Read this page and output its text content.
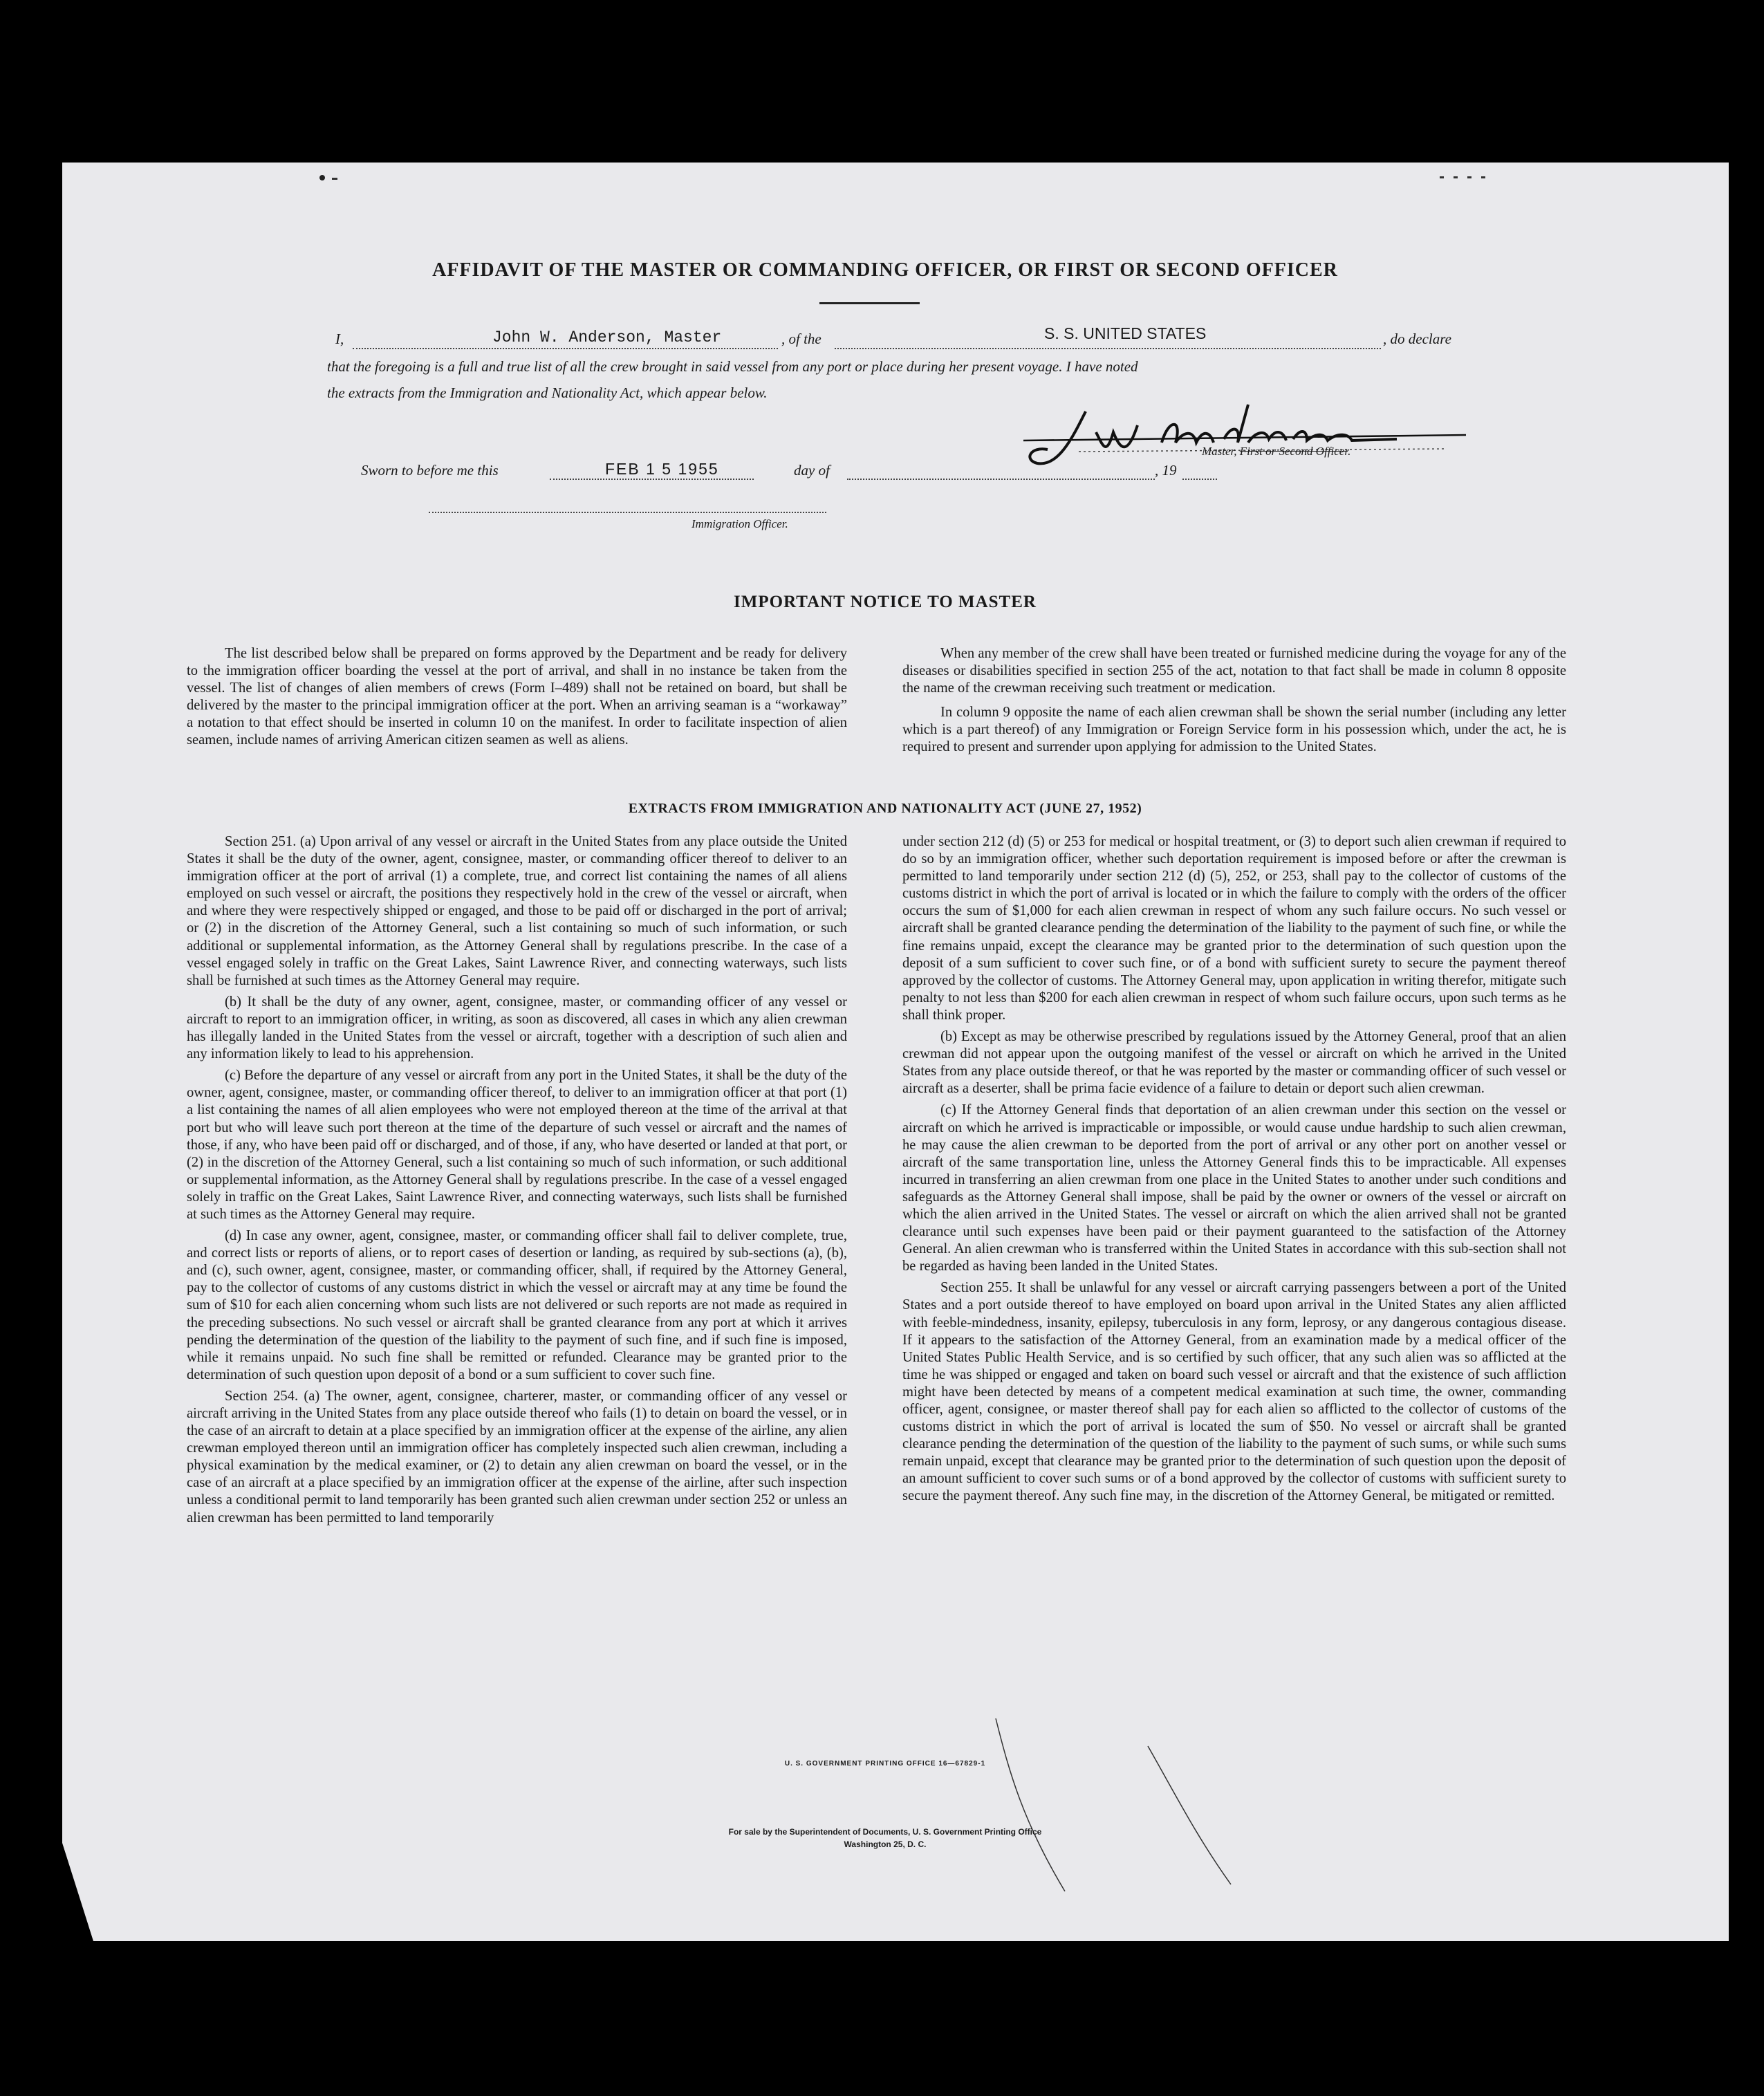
AFFIDAVIT OF THE MASTER OR COMMANDING OFFICER, OR FIRST OR SECOND OFFICER
I,	John W. Anderson, Master	, of the	S. S. UNITED STATES	, do declare
that the foregoing is a full and true list of all the crew brought in said vessel from any port or place during her present voyage. I have noted
the extracts from the Immigration and Nationality Act, which appear below.
Master, First or Second Officer.
Sworn to before me this	FEB 1 5 1955	day of	, 19
Immigration Officer.
IMPORTANT NOTICE TO MASTER

The list described below shall be prepared on forms approved by the Department and be ready for delivery to the immigration officer boarding the vessel at the port of arrival, and shall in no instance be taken from the vessel. The list of changes of alien members of crews (Form I–489) shall not be retained on board, but shall be delivered by the master to the principal immigration officer at the port. When an arriving seaman is a “workaway” a notation to that effect should be inserted in column 10 on the manifest. In order to facilitate inspection of alien seamen, include names of arriving American citizen seamen as well as aliens.

When any member of the crew shall have been treated or furnished medicine during the voyage for any of the diseases or disabilities specified in section 255 of the act, notation to that fact shall be made in column 8 opposite the name of the crewman receiving such treatment or medication.

In column 9 opposite the name of each alien crewman shall be shown the serial number (including any letter which is a part thereof) of any Immigration or Foreign Service form in his possession which, under the act, he is required to present and surrender upon applying for admission to the United States.

EXTRACTS FROM IMMIGRATION AND NATIONALITY ACT (JUNE 27, 1952)

Section 251. (a) Upon arrival of any vessel or aircraft in the United States from any place outside the United States it shall be the duty of the owner, agent, consignee, master, or commanding officer thereof to deliver to an immigration officer at the port of arrival (1) a complete, true, and correct list containing the names of all aliens employed on such vessel or aircraft, the positions they respectively hold in the crew of the vessel or aircraft, when and where they were respectively shipped or engaged, and those to be paid off or discharged in the port of arrival; or (2) in the discretion of the Attorney General, such a list containing so much of such information, or such additional or supplemental information, as the Attorney General shall by regulations prescribe. In the case of a vessel engaged solely in traffic on the Great Lakes, Saint Lawrence River, and connecting waterways, such lists shall be furnished at such times as the Attorney General may require.

(b) It shall be the duty of any owner, agent, consignee, master, or commanding officer of any vessel or aircraft to report to an immigration officer, in writing, as soon as discovered, all cases in which any alien crewman has illegally landed in the United States from the vessel or aircraft, together with a description of such alien and any information likely to lead to his apprehension.

(c) Before the departure of any vessel or aircraft from any port in the United States, it shall be the duty of the owner, agent, consignee, master, or commanding officer thereof, to deliver to an immigration officer at that port (1) a list containing the names of all alien employees who were not employed thereon at the time of the arrival at that port but who will leave such port thereon at the time of the departure of such vessel or aircraft and the names of those, if any, who have been paid off or discharged, and of those, if any, who have deserted or landed at that port, or (2) in the discretion of the Attorney General, such a list containing so much of such information, or such additional or supplemental information, as the Attorney General shall by regulations prescribe. In the case of a vessel engaged solely in traffic on the Great Lakes, Saint Lawrence River, and connecting waterways, such lists shall be furnished at such times as the Attorney General may require.

(d) In case any owner, agent, consignee, master, or commanding officer shall fail to deliver complete, true, and correct lists or reports of aliens, or to report cases of desertion or landing, as required by sub-sections (a), (b), and (c), such owner, agent, consignee, master, or commanding officer, shall, if required by the Attorney General, pay to the collector of customs of any customs district in which the vessel or aircraft may at any time be found the sum of $10 for each alien concerning whom such lists are not delivered or such reports are not made as required in the preceding subsections. No such vessel or aircraft shall be granted clearance from any port at which it arrives pending the determination of the question of the liability to the payment of such fine, and if such fine is imposed, while it remains unpaid. No such fine shall be remitted or refunded. Clearance may be granted prior to the determination of such question upon deposit of a bond or a sum sufficient to cover such fine.

Section 254. (a) The owner, agent, consignee, charterer, master, or commanding officer of any vessel or aircraft arriving in the United States from any place outside thereof who fails (1) to detain on board the vessel, or in the case of an aircraft to detain at a place specified by an immigration officer at the expense of the airline, any alien crewman employed thereon until an immigration officer has completely inspected such alien crewman, including a physical examination by the medical examiner, or (2) to detain any alien crewman on board the vessel, or in the case of an aircraft at a place specified by an immigration officer at the expense of the airline, after such inspection unless a conditional permit to land temporarily has been granted such alien crewman under section 252 or unless an alien crewman has been permitted to land temporarily

under section 212 (d) (5) or 253 for medical or hospital treatment, or (3) to deport such alien crewman if required to do so by an immigration officer, whether such deportation requirement is imposed before or after the crewman is permitted to land temporarily under section 212 (d) (5), 252, or 253, shall pay to the collector of customs of the customs district in which the port of arrival is located or in which the failure to comply with the orders of the officer occurs the sum of $1,000 for each alien crewman in respect of whom any such failure occurs. No such vessel or aircraft shall be granted clearance pending the determination of the liability to the payment of such fine, or while the fine remains unpaid, except the clearance may be granted prior to the determination of such question upon the deposit of a sum sufficient to cover such fine, or of a bond with sufficient surety to secure the payment thereof approved by the collector of customs. The Attorney General may, upon application in writing therefor, mitigate such penalty to not less than $200 for each alien crewman in respect of whom such failure occurs, upon such terms as he shall think proper.

(b) Except as may be otherwise prescribed by regulations issued by the Attorney General, proof that an alien crewman did not appear upon the outgoing manifest of the vessel or aircraft on which he arrived in the United States from any place outside thereof, or that he was reported by the master or commanding officer of such vessel or aircraft as a deserter, shall be prima facie evidence of a failure to detain or deport such alien crewman.

(c) If the Attorney General finds that deportation of an alien crewman under this section on the vessel or aircraft on which he arrived is impracticable or impossible, or would cause undue hardship to such alien crewman, he may cause the alien crewman to be deported from the port of arrival or any other port on another vessel or aircraft of the same transportation line, unless the Attorney General finds this to be impracticable. All expenses incurred in transferring an alien crewman from one place in the United States to another under such conditions and safeguards as the Attorney General shall impose, shall be paid by the owner or owners of the vessel or aircraft on which the alien arrived in the United States. The vessel or aircraft on which the alien arrived shall not be granted clearance until such expenses have been paid or their payment guaranteed to the satisfaction of the Attorney General. An alien crewman who is transferred within the United States in accordance with this sub-section shall not be regarded as having been landed in the United States.

Section 255. It shall be unlawful for any vessel or aircraft carrying passengers between a port of the United States and a port outside thereof to have employed on board upon arrival in the United States any alien afflicted with feeble-mindedness, insanity, epilepsy, tuberculosis in any form, leprosy, or any dangerous contagious disease. If it appears to the satisfaction of the Attorney General, from an examination made by a medical officer of the United States Public Health Service, and is so certified by such officer, that any such alien was so afflicted at the time he was shipped or engaged and taken on board such vessel or aircraft and that the existence of such affliction might have been detected by means of a competent medical examination at such time, the owner, commanding officer, agent, consignee, or master thereof shall pay for each alien so afflicted to the collector of customs of the customs district in which the port of arrival is located the sum of $50. No vessel or aircraft shall be granted clearance pending the determination of the question of the liability to the payment of such sums, or while such sums remain unpaid, except that clearance may be granted prior to the determination of such question upon the deposit of an amount sufficient to cover such sums or of a bond approved by the collector of customs with sufficient surety to secure the payment thereof. Any such fine may, in the discretion of the Attorney General, be mitigated or remitted.

U. S. GOVERNMENT PRINTING OFFICE 16—67829-1
For sale by the Superintendent of Documents, U. S. Government Printing Office
Washington 25, D. C.
